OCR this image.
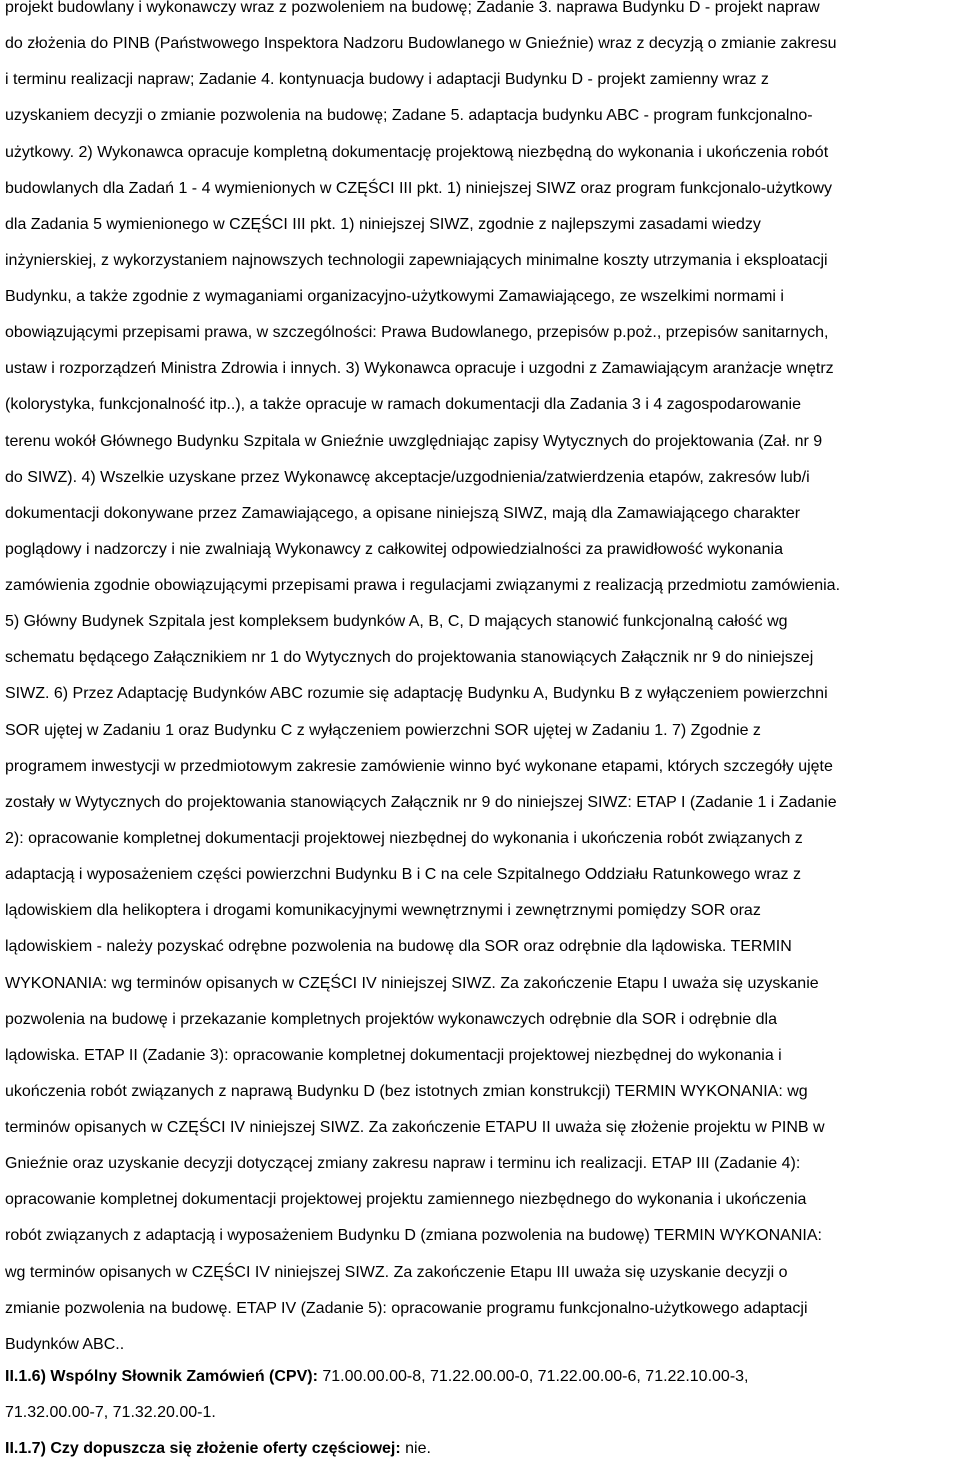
projekt budowlany i wykonawczy wraz z pozwoleniem na budowę; Zadanie 3. naprawa Budynku D - projekt napraw
do złożenia do PINB (Państwowego Inspektora Nadzoru Budowlanego w Gnieźnie) wraz z decyzją o zmianie zakresu
i terminu realizacji napraw; Zadanie 4. kontynuacja budowy i adaptacji Budynku D - projekt zamienny wraz z
uzyskaniem decyzji o zmianie pozwolenia na budowę; Zadane 5. adaptacja budynku ABC - program funkcjonalno-
użytkowy. 2) Wykonawca opracuje kompletną dokumentację projektową niezbędną do wykonania i ukończenia robót
budowlanych dla Zadań 1 - 4 wymienionych w CZĘŚCI III pkt. 1) niniejszej SIWZ oraz program funkcjonalo-użytkowy
dla Zadania 5 wymienionego w CZĘŚCI III pkt. 1) niniejszej SIWZ, zgodnie z najlepszymi zasadami wiedzy
inżynierskiej, z wykorzystaniem najnowszych technologii zapewniających minimalne koszty utrzymania i eksploatacji
Budynku, a także zgodnie z wymaganiami organizacyjno-użytkowymi Zamawiającego, ze wszelkimi normami i
obowiązującymi przepisami prawa, w szczególności: Prawa Budowlanego, przepisów p.poż., przepisów sanitarnych,
ustaw i rozporządzeń Ministra Zdrowia i innych. 3) Wykonawca opracuje i uzgodni z Zamawiającym aranżacje wnętrz
(kolorystyka, funkcjonalność itp..), a także opracuje w ramach dokumentacji dla Zadania 3 i 4 zagospodarowanie
terenu wokół Głównego Budynku Szpitala w Gnieźnie uwzględniając zapisy Wytycznych do projektowania (Zał. nr 9
do SIWZ). 4) Wszelkie uzyskane przez Wykonawcę akceptacje/uzgodnienia/zatwierdzenia etapów, zakresów lub/i
dokumentacji dokonywane przez Zamawiającego, a opisane niniejszą SIWZ, mają dla Zamawiającego charakter
poglądowy i nadzorczy i nie zwalniają Wykonawcy z całkowitej odpowiedzialności za prawidłowość wykonania
zamówienia zgodnie obowiązującymi przepisami prawa i regulacjami związanymi z realizacją przedmiotu zamówienia.
5) Główny Budynek Szpitala jest kompleksem budynków A, B, C, D mających stanowić funkcjonalną całość wg
schematu będącego Załącznikiem nr 1 do Wytycznych do projektowania stanowiących Załącznik nr 9 do niniejszej
SIWZ. 6) Przez Adaptację Budynków ABC rozumie się adaptację Budynku A, Budynku B z wyłączeniem powierzchni
SOR ujętej w Zadaniu 1 oraz Budynku C z wyłączeniem powierzchni SOR ujętej w Zadaniu 1. 7) Zgodnie z
programem inwestycji w przedmiotowym zakresie zamówienie winno być wykonane etapami, których szczegóły ujęte
zostały w Wytycznych do projektowania stanowiących Załącznik nr 9 do niniejszej SIWZ: ETAP I (Zadanie 1 i Zadanie
2): opracowanie kompletnej dokumentacji projektowej niezbędnej do wykonania i ukończenia robót związanych z
adaptacją i wyposażeniem części powierzchni Budynku B i C na cele Szpitalnego Oddziału Ratunkowego wraz z
lądowiskiem dla helikoptera i drogami komunikacyjnymi wewnętrznymi i zewnętrznymi pomiędzy SOR oraz
lądowiskiem - należy pozyskać odrębne pozwolenia na budowę dla SOR oraz odrębnie dla lądowiska. TERMIN
WYKONANIA: wg terminów opisanych w CZĘŚCI IV niniejszej SIWZ. Za zakończenie Etapu I uważa się uzyskanie
pozwolenia na budowę i przekazanie kompletnych projektów wykonawczych odrębnie dla SOR i odrębnie dla
lądowiska. ETAP II (Zadanie 3): opracowanie kompletnej dokumentacji projektowej niezbędnej do wykonania i
ukończenia robót związanych z naprawą Budynku D (bez istotnych zmian konstrukcji) TERMIN WYKONANIA: wg
terminów opisanych w CZĘŚCI IV niniejszej SIWZ. Za zakończenie ETAPU II uważa się złożenie projektu w PINB w
Gnieźnie oraz uzyskanie decyzji dotyczącej zmiany zakresu napraw i terminu ich realizacji. ETAP III (Zadanie 4):
opracowanie kompletnej dokumentacji projektowej projektu zamiennego niezbędnego do wykonania i ukończenia
robót związanych z adaptacją i wyposażeniem Budynku D (zmiana pozwolenia na budowę) TERMIN WYKONANIA:
wg terminów opisanych w CZĘŚCI IV niniejszej SIWZ. Za zakończenie Etapu III uważa się uzyskanie decyzji o
zmianie pozwolenia na budowę. ETAP IV (Zadanie 5): opracowanie programu funkcjonalno-użytkowego adaptacji
Budynków ABC..
II.1.6) Wspólny Słownik Zamówień (CPV): 71.00.00.00-8, 71.22.00.00-0, 71.22.00.00-6, 71.22.10.00-3,
71.32.00.00-7, 71.32.20.00-1.
II.1.7) Czy dopuszcza się złożenie oferty częściowej: nie.
